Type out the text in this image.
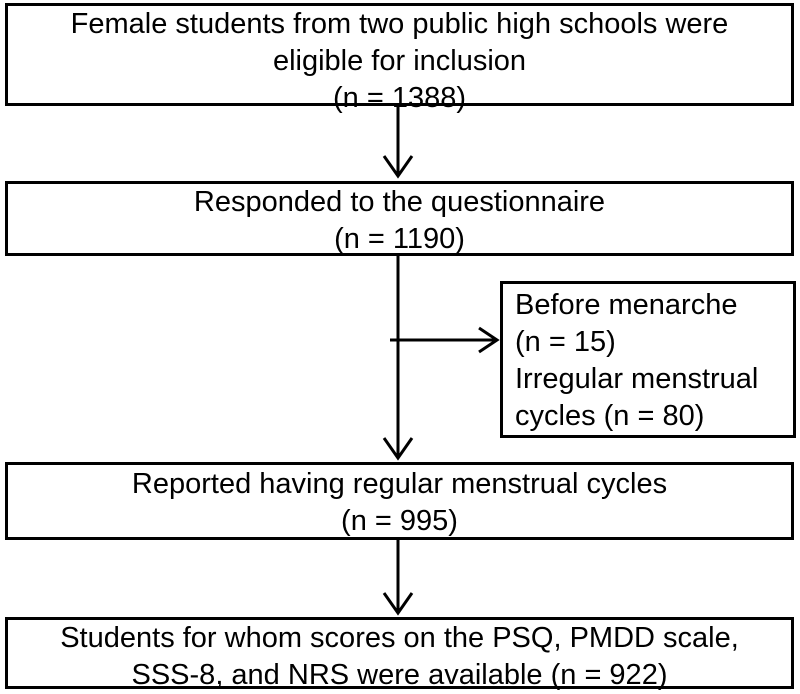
Female students from two public high schools were
eligible for inclusion
(n = 1388)
Responded to the questionnaire
(n = 1190)
Before menarche
(n = 15)
Irregular menstrual
cycles (n = 80)
Reported having regular menstrual cycles
(n = 995)
Students for whom scores on the PSQ, PMDD scale,
SSS-8, and NRS were available (n = 922)
